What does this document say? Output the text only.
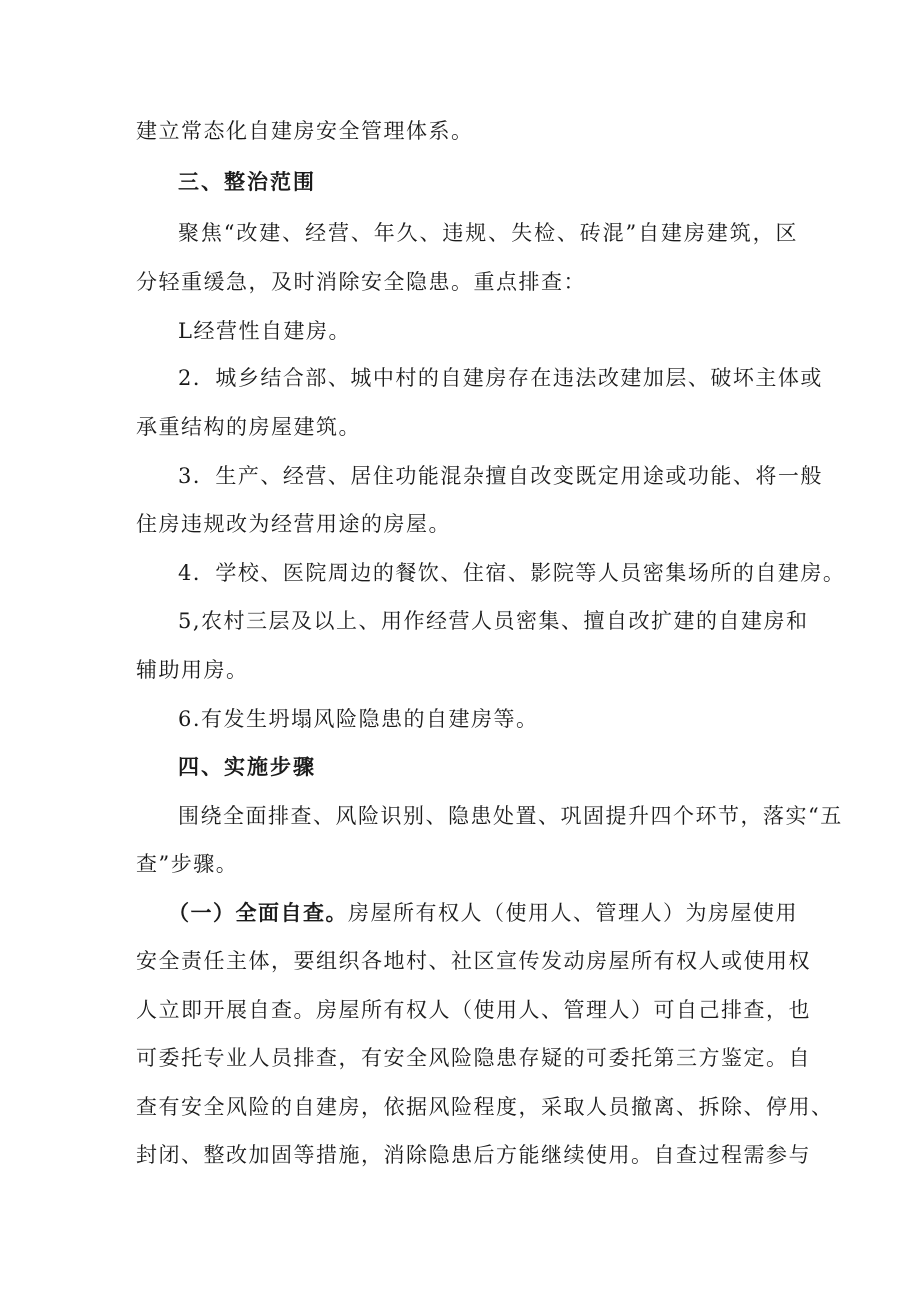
建立常态化自建房安全管理体系。
三、整治范围
聚焦“改建、经营、年久、违规、失检、砖混”自建房建筑，区
分轻重缓急，及时消除安全隐患。重点排查：
L经营性自建房。
2．城乡结合部、城中村的自建房存在违法改建加层、破坏主体或
承重结构的房屋建筑。
3．生产、经营、居住功能混杂擅自改变既定用途或功能、将一般
住房违规改为经营用途的房屋。
4．学校、医院周边的餐饮、住宿、影院等人员密集场所的自建房。
5,农村三层及以上、用作经营人员密集、擅自改扩建的自建房和
辅助用房。
6.有发生坍塌风险隐患的自建房等。
四、实施步骤
围绕全面排查、风险识别、隐患处置、巩固提升四个环节，落实“五
查”步骤。
（一）全面自查。房屋所有权人（使用人、管理人）为房屋使用
安全责任主体，要组织各地村、社区宣传发动房屋所有权人或使用权
人立即开展自查。房屋所有权人（使用人、管理人）可自己排查，也
可委托专业人员排查，有安全风险隐患存疑的可委托第三方鉴定。自
查有安全风险的自建房，依据风险程度，采取人员撤离、拆除、停用、
封闭、整改加固等措施，消除隐患后方能继续使用。自查过程需参与
